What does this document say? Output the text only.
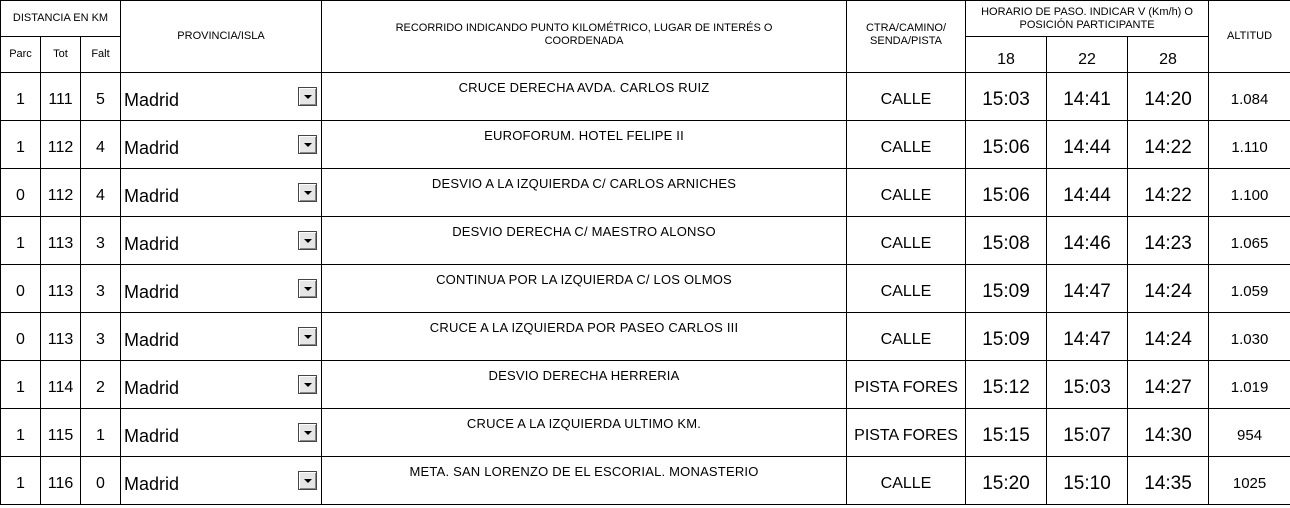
DISTANCIA EN KM			PROVINCIA/ISLA	RECORRIDO INDICANDO PUNTO KILOMÉTRICO, LUGAR DE INTERÉS O COORDENADA	CTRA/CAMINO/ SENDA/PISTA	HORARIO DE PASO. INDICAR V (Km/h) O POSICIÓN PARTICIPANTE			ALTITUD
Parc	Tot	Falt				18	22	28	
1	111	5	Madrid	CRUCE DERECHA AVDA. CARLOS RUIZ	CALLE	15:03	14:41	14:20	1.084
1	112	4	Madrid	EUROFORUM. HOTEL FELIPE II	CALLE	15:06	14:44	14:22	1.110
0	112	4	Madrid	DESVIO A LA IZQUIERDA C/ CARLOS ARNICHES	CALLE	15:06	14:44	14:22	1.100
1	113	3	Madrid	DESVIO DERECHA C/ MAESTRO ALONSO	CALLE	15:08	14:46	14:23	1.065
0	113	3	Madrid	CONTINUA POR LA IZQUIERDA C/ LOS OLMOS	CALLE	15:09	14:47	14:24	1.059
0	113	3	Madrid	CRUCE A LA IZQUIERDA POR PASEO CARLOS III	CALLE	15:09	14:47	14:24	1.030
1	114	2	Madrid	DESVIO DERECHA HERRERIA	PISTA FORES	15:12	15:03	14:27	1.019
1	115	1	Madrid	CRUCE A LA IZQUIERDA ULTIMO KM.	PISTA FORES	15:15	15:07	14:30	954
1	116	0	Madrid	META. SAN LORENZO DE EL ESCORIAL. MONASTERIO	CALLE	15:20	15:10	14:35	1025
